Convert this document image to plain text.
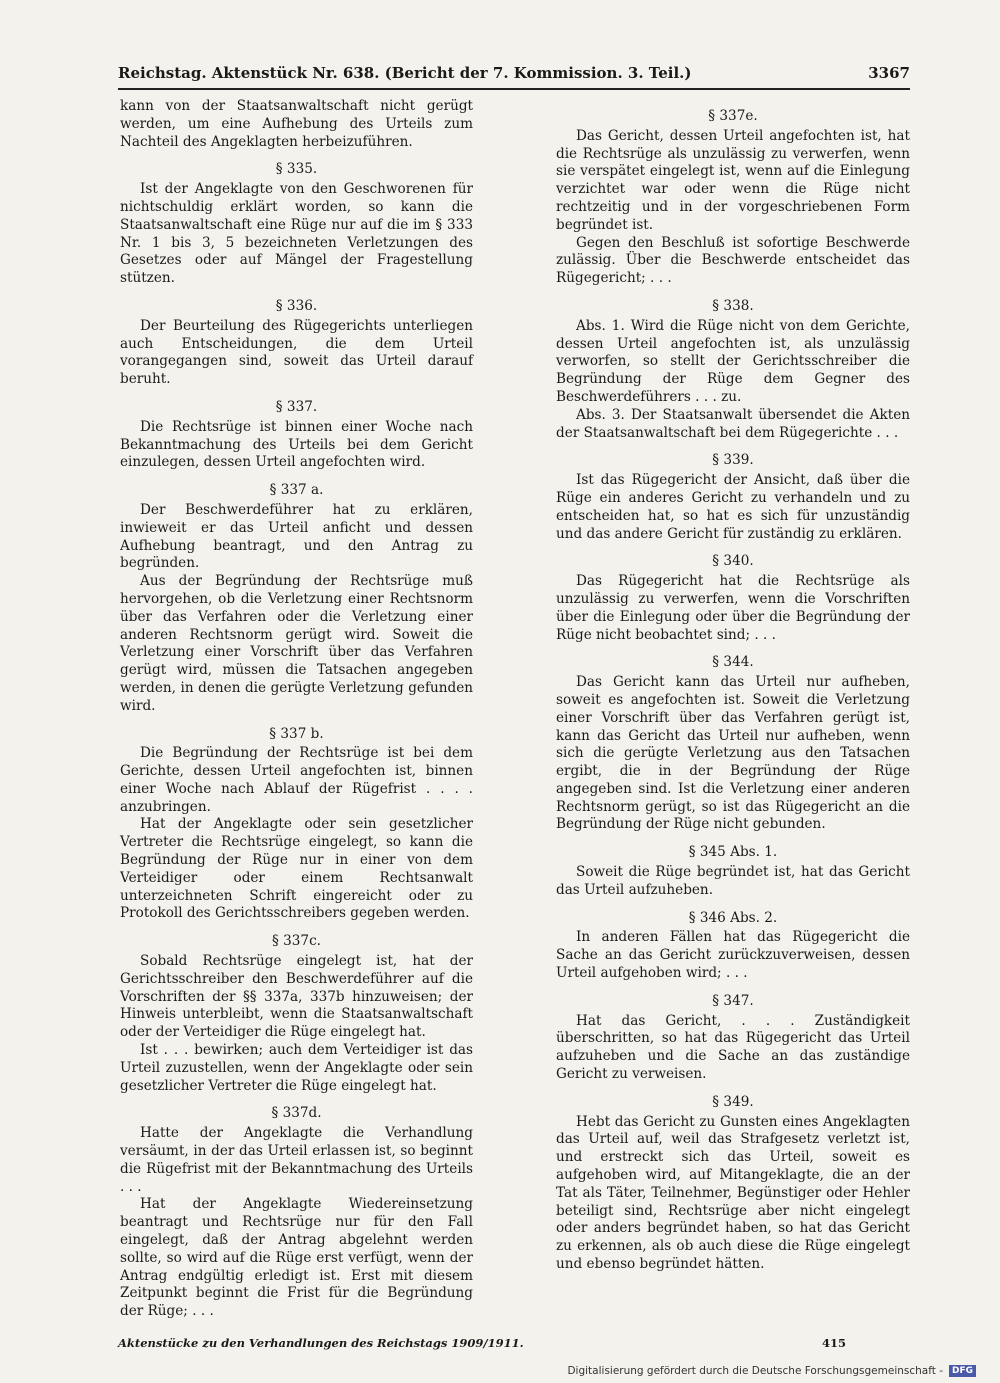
Reichstag. Aktenstück Nr. 638. (Bericht der 7. Kommission. 3. Teil.)	3367

kann von der Staatsanwaltschaft nicht gerügt werden, um eine Aufhebung des Urteils zum Nachteil des Angeklagten herbeizuführen.

§ 335.

Ist der Angeklagte von den Geschworenen für nichtschuldig erklärt worden, so kann die Staatsanwaltschaft eine Rüge nur auf die im § 333 Nr. 1 bis 3, 5 bezeichneten Verletzungen des Gesetzes oder auf Mängel der Fragestellung stützen.

§ 336.

Der Beurteilung des Rügegerichts unterliegen auch Entscheidungen, die dem Urteil vorangegangen sind, soweit das Urteil darauf beruht.

§ 337.

Die Rechtsrüge ist binnen einer Woche nach Bekanntmachung des Urteils bei dem Gericht einzulegen, dessen Urteil angefochten wird.

§ 337 a.

Der Beschwerdeführer hat zu erklären, inwieweit er das Urteil anficht und dessen Aufhebung beantragt, und den Antrag zu begründen.

Aus der Begründung der Rechtsrüge muß hervorgehen, ob die Verletzung einer Rechtsnorm über das Verfahren oder die Verletzung einer anderen Rechtsnorm gerügt wird. Soweit die Verletzung einer Vorschrift über das Verfahren gerügt wird, müssen die Tatsachen angegeben werden, in denen die gerügte Verletzung gefunden wird.

§ 337 b.

Die Begründung der Rechtsrüge ist bei dem Gerichte, dessen Urteil angefochten ist, binnen einer Woche nach Ablauf der Rügefrist . . . . anzubringen.

Hat der Angeklagte oder sein gesetzlicher Vertreter die Rechtsrüge eingelegt, so kann die Begründung der Rüge nur in einer von dem Verteidiger oder einem Rechtsanwalt unterzeichneten Schrift eingereicht oder zu Protokoll des Gerichtsschreibers gegeben werden.

§ 337c.

Sobald Rechtsrüge eingelegt ist, hat der Gerichtsschreiber den Beschwerdeführer auf die Vorschriften der §§ 337a, 337b hinzuweisen; der Hinweis unterbleibt, wenn die Staatsanwaltschaft oder der Verteidiger die Rüge eingelegt hat.

Ist . . . bewirken; auch dem Verteidiger ist das Urteil zuzustellen, wenn der Angeklagte oder sein gesetzlicher Vertreter die Rüge eingelegt hat.

§ 337d.

Hatte der Angeklagte die Verhandlung versäumt, in der das Urteil erlassen ist, so beginnt die Rügefrist mit der Bekanntmachung des Urteils . . .

Hat der Angeklagte Wiedereinsetzung beantragt und Rechtsrüge nur für den Fall eingelegt, daß der Antrag abgelehnt werden sollte, so wird auf die Rüge erst verfügt, wenn der Antrag endgültig erledigt ist. Erst mit diesem Zeitpunkt beginnt die Frist für die Begründung der Rüge; . . .

§ 337e.

Das Gericht, dessen Urteil angefochten ist, hat die Rechtsrüge als unzulässig zu verwerfen, wenn sie verspätet eingelegt ist, wenn auf die Einlegung verzichtet war oder wenn die Rüge nicht rechtzeitig und in der vorgeschriebenen Form begründet ist.

Gegen den Beschluß ist sofortige Beschwerde zulässig. Über die Beschwerde entscheidet das Rügegericht; . . .

§ 338.

Abs. 1. Wird die Rüge nicht von dem Gerichte, dessen Urteil angefochten ist, als unzulässig verworfen, so stellt der Gerichtsschreiber die Begründung der Rüge dem Gegner des Beschwerdeführers . . . zu.

Abs. 3. Der Staatsanwalt übersendet die Akten der Staatsanwaltschaft bei dem Rügegerichte . . .

§ 339.

Ist das Rügegericht der Ansicht, daß über die Rüge ein anderes Gericht zu verhandeln und zu entscheiden hat, so hat es sich für unzuständig und das andere Gericht für zuständig zu erklären.

§ 340.

Das Rügegericht hat die Rechtsrüge als unzulässig zu verwerfen, wenn die Vorschriften über die Einlegung oder über die Begründung der Rüge nicht beobachtet sind; . . .

§ 344.

Das Gericht kann das Urteil nur aufheben, soweit es angefochten ist. Soweit die Verletzung einer Vorschrift über das Verfahren gerügt ist, kann das Gericht das Urteil nur aufheben, wenn sich die gerügte Verletzung aus den Tatsachen ergibt, die in der Begründung der Rüge angegeben sind. Ist die Verletzung einer anderen Rechtsnorm gerügt, so ist das Rügegericht an die Begründung der Rüge nicht gebunden.

§ 345 Abs. 1.

Soweit die Rüge begründet ist, hat das Gericht das Urteil aufzuheben.

§ 346 Abs. 2.

In anderen Fällen hat das Rügegericht die Sache an das Gericht zurückzuverweisen, dessen Urteil aufgehoben wird; . . .

§ 347.

Hat das Gericht, . . . Zuständigkeit überschritten, so hat das Rügegericht das Urteil aufzuheben und die Sache an das zuständige Gericht zu verweisen.

§ 349.

Hebt das Gericht zu Gunsten eines Angeklagten das Urteil auf, weil das Strafgesetz verletzt ist, und erstreckt sich das Urteil, soweit es aufgehoben wird, auf Mitangeklagte, die an der Tat als Täter, Teilnehmer, Begünstiger oder Hehler beteiligt sind, Rechtsrüge aber nicht eingelegt oder anders begründet haben, so hat das Gericht zu erkennen, als ob auch diese die Rüge eingelegt und ebenso begründet hätten.

Aktenstücke zu den Verhandlungen des Reichstags 1909/1911.	415
Digitalisierung gefördert durch die Deutsche Forschungsgemeinschaft -	DFG
